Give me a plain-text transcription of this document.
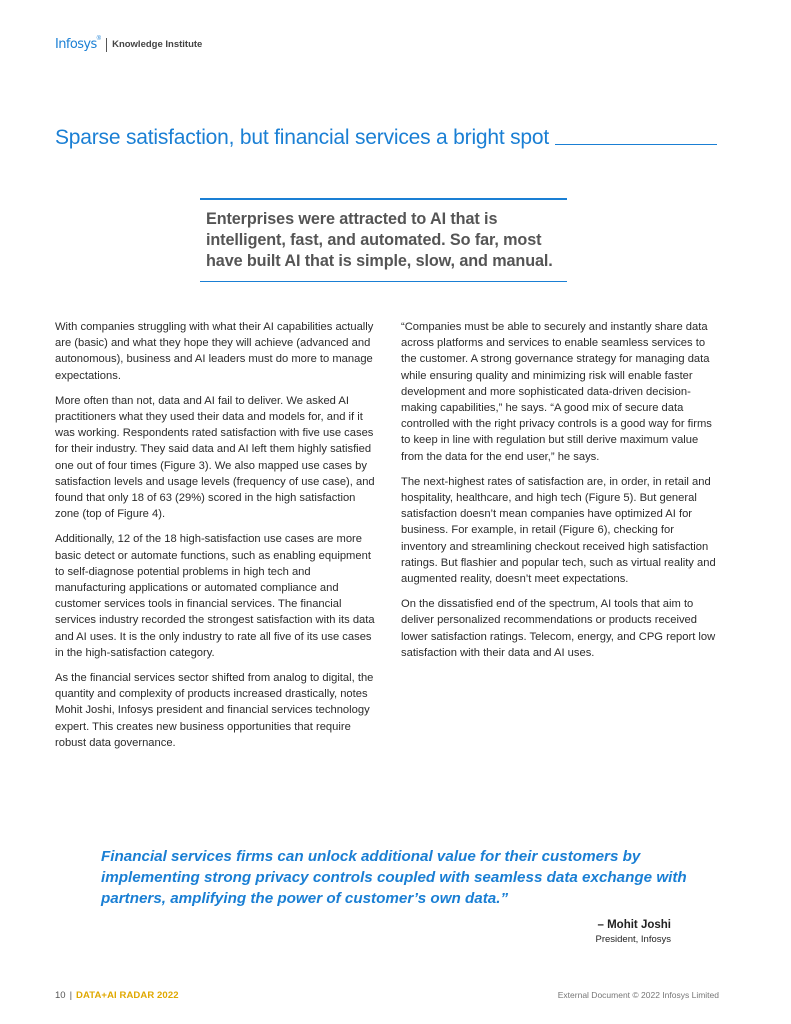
Infosys ®
Knowledge Institute
Sparse satisfaction, but financial services a bright spot
Enterprises were attracted to AI that is intelligent, fast, and automated. So far, most have built AI that is simple, slow, and manual.

With companies struggling with what their AI capabilities actually are (basic) and what they hope they will achieve (advanced and autonomous), business and AI leaders must do more to manage expectations.

More often than not, data and AI fail to deliver. We asked AI practitioners what they used their data and models for, and if it was working. Respondents rated satisfaction with five use cases for their industry. They said data and AI left them highly satisfied one out of four times (Figure 3). We also mapped use cases by satisfaction levels and usage levels (frequency of use case), and found that only 18 of 63 (29%) scored in the high satisfaction zone (top of Figure 4).

Additionally, 12 of the 18 high-satisfaction use cases are more basic detect or automate functions, such as enabling equipment to self-diagnose potential problems in high tech and manufacturing applications or automated compliance and customer services tools in financial services. The financial services industry recorded the strongest satisfaction with its data and AI uses. It is the only industry to rate all five of its use cases in the high-satisfaction category.

As the financial services sector shifted from analog to digital, the quantity and complexity of products increased drastically, notes Mohit Joshi, Infosys president and financial services technology expert. This creates new business opportunities that require robust data governance.

“Companies must be able to securely and instantly share data across platforms and services to enable seamless services to the customer. A strong governance strategy for managing data while ensuring quality and minimizing risk will enable faster development and more sophisticated data-driven decision-making capabilities,” he says. “A good mix of secure data controlled with the right privacy controls is a good way for firms to keep in line with regulation but still derive maximum value from the data for the end user,” he says.

The next-highest rates of satisfaction are, in order, in retail and hospitality, healthcare, and high tech (Figure 5). But general satisfaction doesn’t mean companies have optimized AI for business. For example, in retail (Figure 6), checking for inventory and streamlining checkout received high satisfaction ratings. But flashier and popular tech, such as virtual reality and augmented reality, doesn’t meet expectations.

On the dissatisfied end of the spectrum, AI tools that aim to deliver personalized recommendations or products received lower satisfaction ratings. Telecom, energy, and CPG report low satisfaction with their data and AI uses.

Financial services firms can unlock additional value for their customers by implementing strong privacy controls coupled with seamless data exchange with partners, amplifying the power of customer’s own data.”
– Mohit Joshi
President, Infosys
10 | DATA+AI RADAR 2022	External Document © 2022 Infosys Limited
